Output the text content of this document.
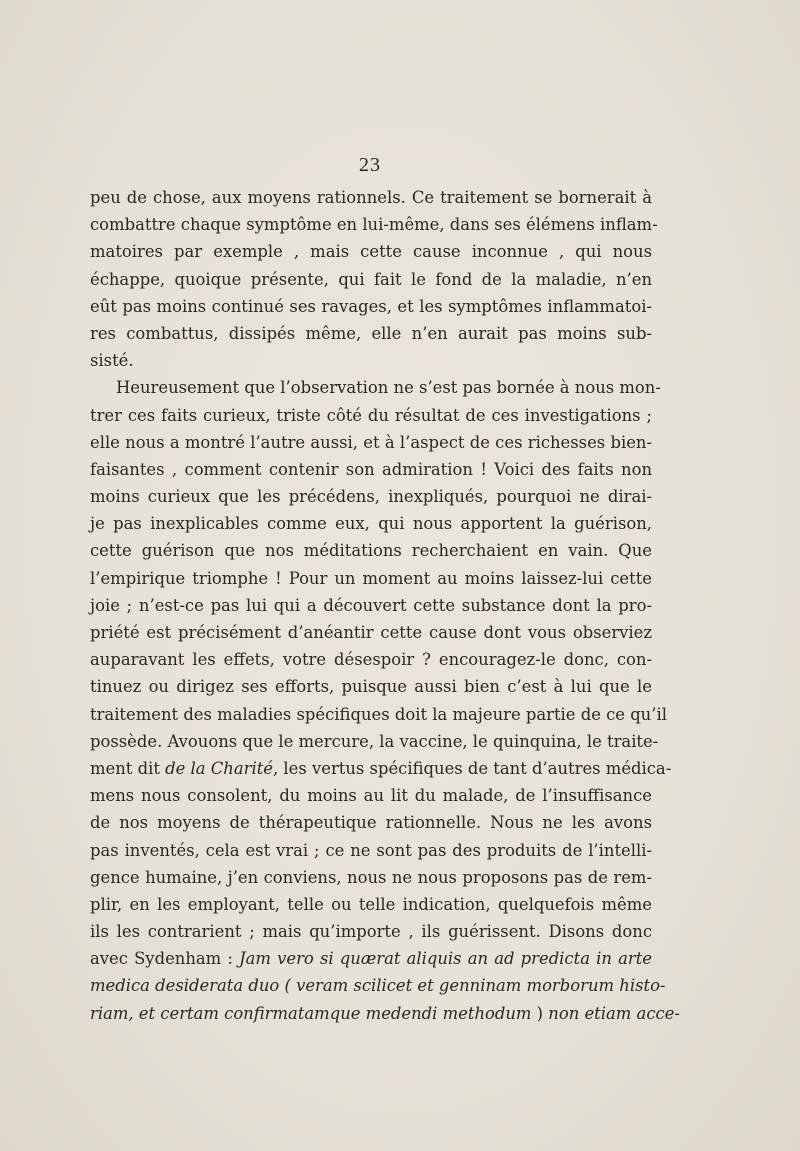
23
peu de chose, aux moyens rationnels. Ce traitement se bornerait à
combattre chaque symptôme en lui-même, dans ses élémens inflam-
matoires par exemple , mais cette cause inconnue , qui nous
échappe, quoique présente, qui fait le fond de la maladie, n’en
eût pas moins continué ses ravages, et les symptômes inflammatoi-
res combattus, dissipés même, elle n’en aurait pas moins sub-
sisté.
Heureusement que l’observation ne s’est pas bornée à nous mon-
trer ces faits curieux, triste côté du résultat de ces investigations ;
elle nous a montré l’autre aussi, et à l’aspect de ces richesses bien-
faisantes , comment contenir son admiration ! Voici des faits non
moins curieux que les précédens, inexpliqués, pourquoi ne dirai-
je pas inexplicables comme eux, qui nous apportent la guérison,
cette guérison que nos méditations recherchaient en vain. Que
l’empirique triomphe ! Pour un moment au moins laissez-lui cette
joie ; n’est-ce pas lui qui a découvert cette substance dont la pro-
priété est précisément d’anéantir cette cause dont vous observiez
auparavant les effets, votre désespoir ? encouragez-le donc, con-
tinuez ou dirigez ses efforts, puisque aussi bien c’est à lui que le
traitement des maladies spécifiques doit la majeure partie de ce qu’il
possède. Avouons que le mercure, la vaccine, le quinquina, le traite-
ment dit de la Charité, les vertus spécifiques de tant d’autres médica-
mens nous consolent, du moins au lit du malade, de l’insuffisance
de nos moyens de thérapeutique rationnelle. Nous ne les avons
pas inventés, cela est vrai ; ce ne sont pas des produits de l’intelli-
gence humaine, j’en conviens, nous ne nous proposons pas de rem-
plir, en les employant, telle ou telle indication, quelquefois même
ils les contrarient ; mais qu’importe , ils guérissent. Disons donc
avec Sydenham : Jam vero si quærat aliquis an ad predicta in arte
medica desiderata duo ( veram scilicet et genninam morborum histo-
riam, et certam confirmatamque medendi methodum ) non etiam acce-
